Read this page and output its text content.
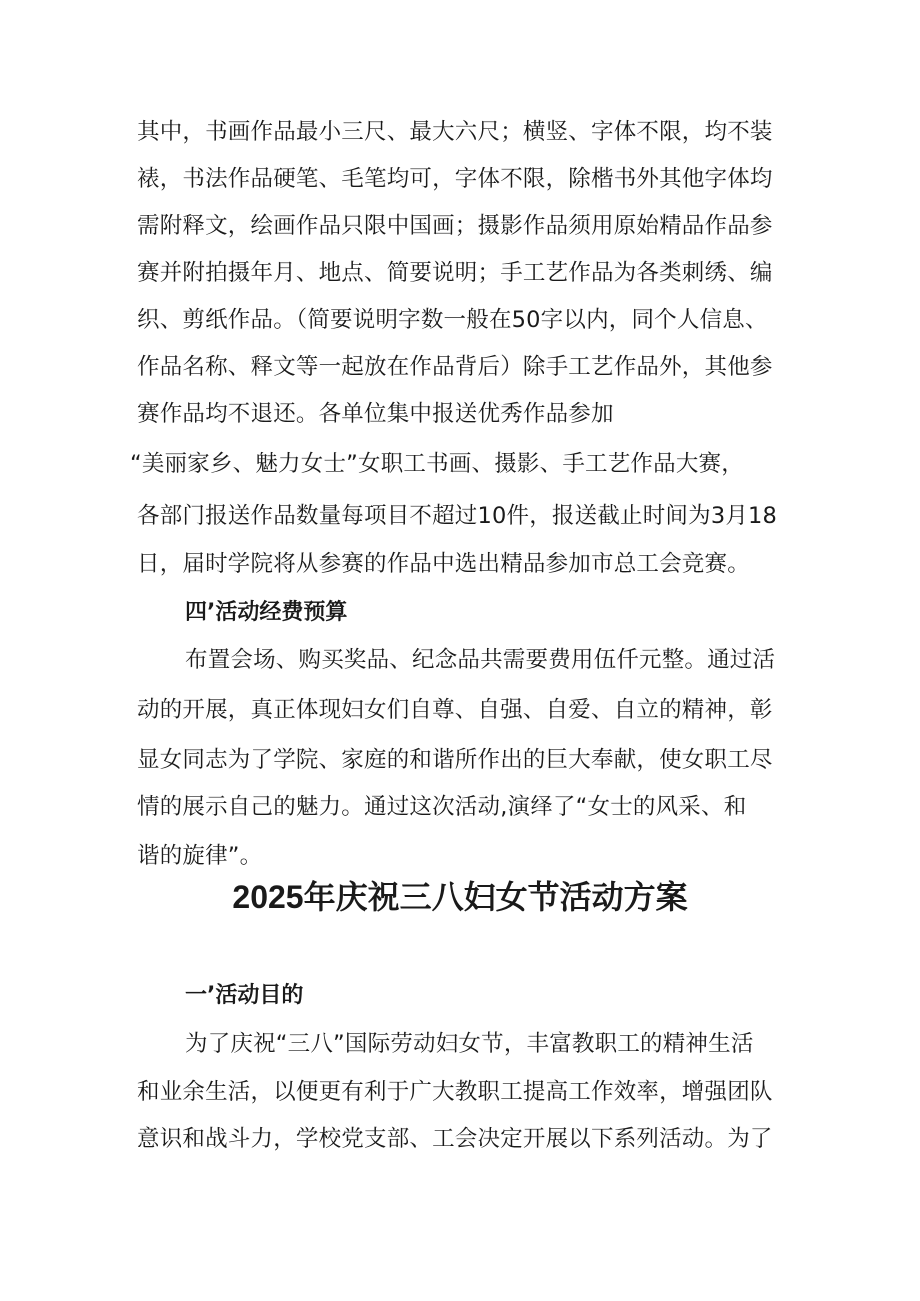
其中，书画作品最小三尺、最大六尺；横竖、字体不限，均不装

裱，书法作品硬笔、毛笔均可，字体不限，除楷书外其他字体均

需附释文，绘画作品只限中国画；摄影作品须用原始精品作品参

赛并附拍摄年月、地点、简要说明；手工艺作品为各类刺绣、编

织、剪纸作品。（简要说明字数一般在50字以内，同个人信息、

作品名称、释文等一起放在作品背后）除手工艺作品外，其他参

赛作品均不退还。各单位集中报送优秀作品参加

“美丽家乡、魅力女士”女职工书画、摄影、手工艺作品大赛，

各部门报送作品数量每项目不超过10件，报送截止时间为3月18

日，届时学院将从参赛的作品中选出精品参加市总工会竞赛。

四’活动经费预算

布置会场、购买奖品、纪念品共需要费用伍仟元整。通过活

动的开展，真正体现妇女们自尊、自强、自爱、自立的精神，彰

显女同志为了学院、家庭的和谐所作出的巨大奉献，使女职工尽

情的展示自己的魅力。通过这次活动,演绎了“女士的风采、和

谐的旋律”。

2025年庆祝三八妇女节活动方案

一’活动目的

为了庆祝“三八”国际劳动妇女节，丰富教职工的精神生活

和业余生活，以便更有利于广大教职工提高工作效率，增强团队

意识和战斗力，学校党支部、工会决定开展以下系列活动。为了
